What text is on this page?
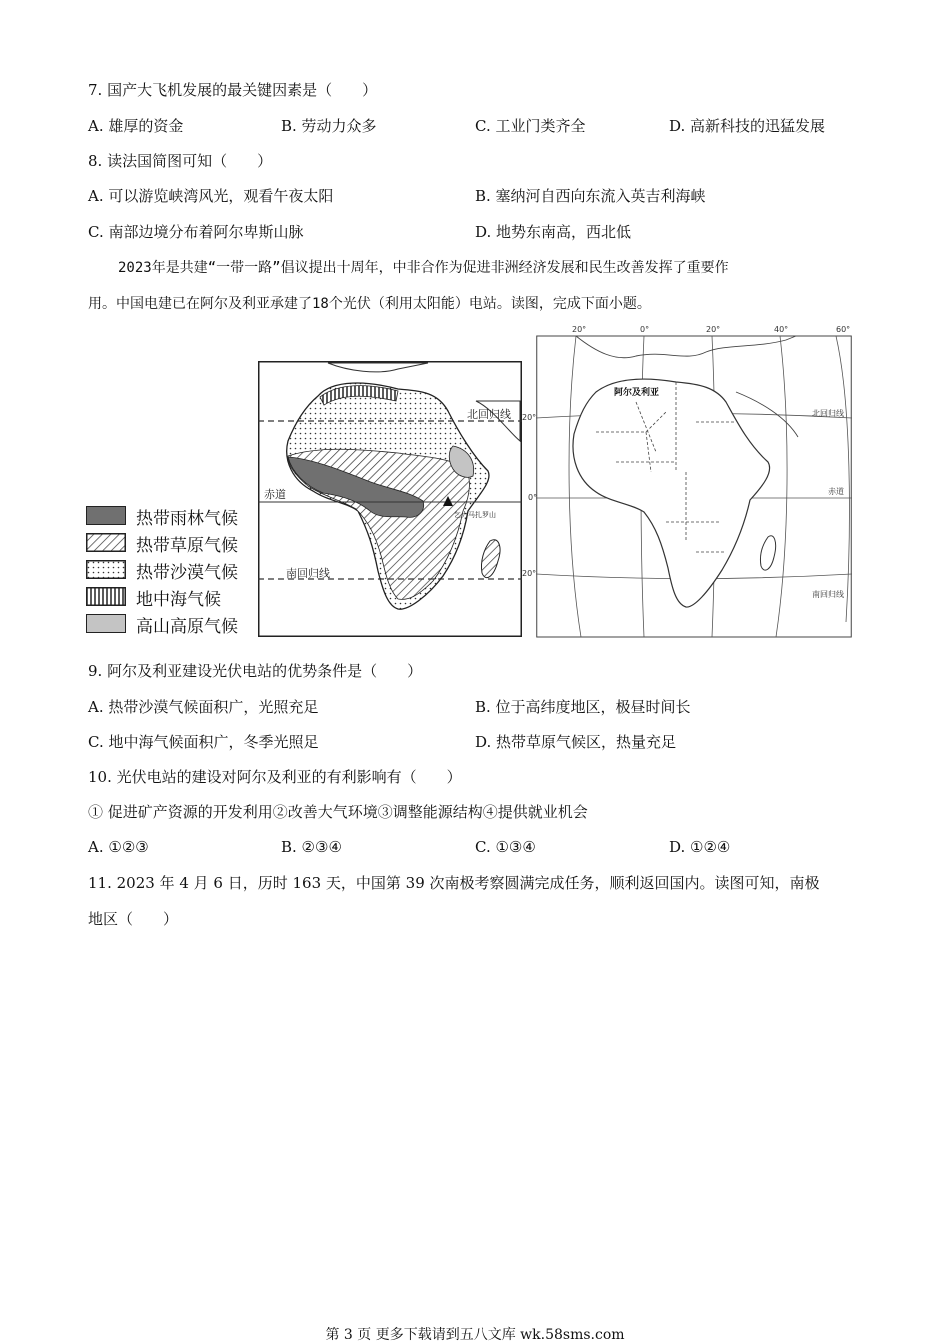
7. 国产大飞机发展的最关键因素是（　　）
A. 雄厚的资金	B. 劳动力众多	C. 工业门类齐全	D. 高新科技的迅猛发展
8. 读法国简图可知（　　）
A. 可以游览峡湾风光，观看午夜太阳	B. 塞纳河自西向东流入英吉利海峡
C. 南部边境分布着阿尔卑斯山脉	D. 地势东南高，西北低
2023年是共建“一带一路”倡议提出十周年，中非合作为促进非洲经济发展和民生改善发挥了重要作
用。中国电建已在阿尔及利亚承建了18个光伏（利用太阳能）电站。读图，完成下面小题。
热带雨林气候
热带草原气候
热带沙漠气候
地中海气候
高山高原气候
北回归线
赤道
南回归线
乞力马扎罗山
20°	0°	20°	40°	60°
20°
0°
20°
阿尔及利亚
北回归线
赤道
南回归线
9. 阿尔及利亚建设光伏电站的优势条件是（　　）
A. 热带沙漠气候面积广，光照充足	B. 位于高纬度地区，极昼时间长
C. 地中海气候面积广，冬季光照足	D. 热带草原气候区，热量充足
10. 光伏电站的建设对阿尔及利亚的有利影响有（　　）
① 促进矿产资源的开发利用②改善大气环境③调整能源结构④提供就业机会
A. ①②③	B. ②③④	C. ①③④	D. ①②④
11. 2023 年 4 月 6 日，历时 163 天，中国第 39 次南极考察圆满完成任务，顺利返回国内。读图可知，南极
地区（　　）
第 3 页 更多下载请到五八文库 wk.58sms.com
